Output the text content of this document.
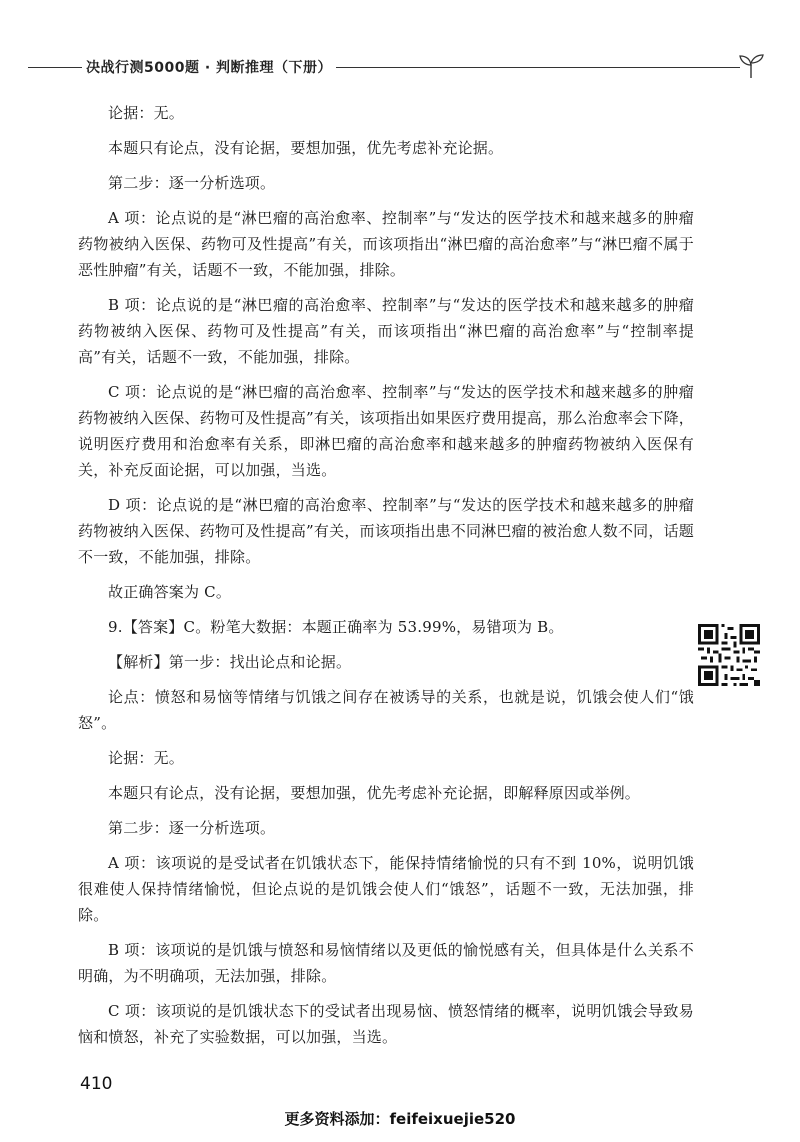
决战行测5000题 · 判断推理（下册）

论据：无。

本题只有论点，没有论据，要想加强，优先考虑补充论据。

第二步：逐一分析选项。

A 项：论点说的是“淋巴瘤的高治愈率、控制率”与“发达的医学技术和越来越多的肿瘤药物被纳入医保、药物可及性提高”有关，而该项指出“淋巴瘤的高治愈率”与“淋巴瘤不属于恶性肿瘤”有关，话题不一致，不能加强，排除。

B 项：论点说的是“淋巴瘤的高治愈率、控制率”与“发达的医学技术和越来越多的肿瘤药物被纳入医保、药物可及性提高”有关，而该项指出“淋巴瘤的高治愈率”与“控制率提高”有关，话题不一致，不能加强，排除。

C 项：论点说的是“淋巴瘤的高治愈率、控制率”与“发达的医学技术和越来越多的肿瘤药物被纳入医保、药物可及性提高”有关，该项指出如果医疗费用提高，那么治愈率会下降，说明医疗费用和治愈率有关系，即淋巴瘤的高治愈率和越来越多的肿瘤药物被纳入医保有关，补充反面论据，可以加强，当选。

D 项：论点说的是“淋巴瘤的高治愈率、控制率”与“发达的医学技术和越来越多的肿瘤药物被纳入医保、药物可及性提高”有关，而该项指出患不同淋巴瘤的被治愈人数不同，话题不一致，不能加强，排除。

故正确答案为 C。

9.【答案】C。粉笔大数据：本题正确率为 53.99%，易错项为 B。

【解析】第一步：找出论点和论据。

论点：愤怒和易恼等情绪与饥饿之间存在被诱导的关系，也就是说，饥饿会使人们“饿怒”。

论据：无。

本题只有论点，没有论据，要想加强，优先考虑补充论据，即解释原因或举例。

第二步：逐一分析选项。

A 项：该项说的是受试者在饥饿状态下，能保持情绪愉悦的只有不到 10%，说明饥饿很难使人保持情绪愉悦，但论点说的是饥饿会使人们“饿怒”，话题不一致，无法加强，排除。

B 项：该项说的是饥饿与愤怒和易恼情绪以及更低的愉悦感有关，但具体是什么关系不明确，为不明确项，无法加强，排除。

C 项：该项说的是饥饿状态下的受试者出现易恼、愤怒情绪的概率，说明饥饿会导致易恼和愤怒，补充了实验数据，可以加强，当选。

410
更多资料添加：feifeixuejie520
